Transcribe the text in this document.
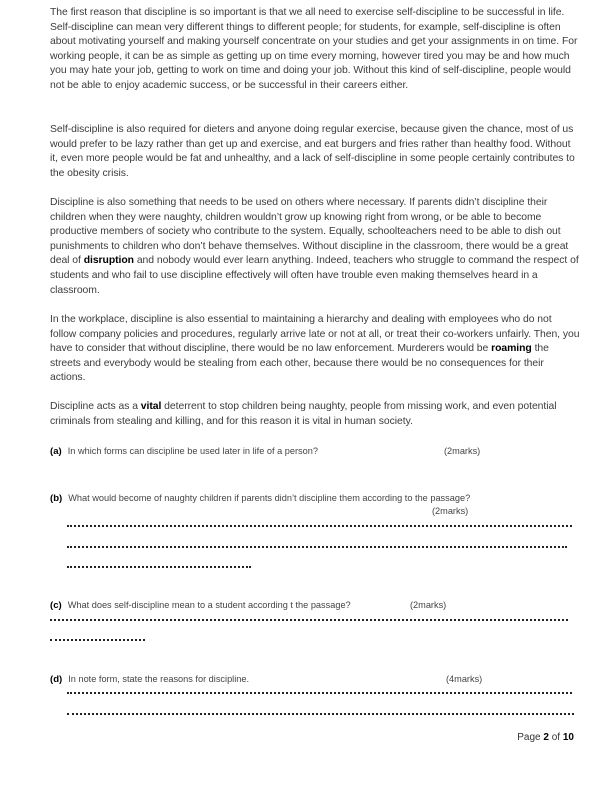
The first reason that discipline is so important is that we all need to exercise self-discipline to be successful in life. Self-discipline can mean very different things to different people; for students, for example, self-discipline is often about motivating yourself and making yourself concentrate on your studies and get your assignments in on time. For working people, it can be as simple as getting up on time every morning, however tired you may be and how much you may hate your job, getting to work on time and doing your job. Without this kind of self-discipline, people would not be able to enjoy academic success, or be successful in their careers either.

Self-discipline is also required for dieters and anyone doing regular exercise, because given the chance, most of us would prefer to be lazy rather than get up and exercise, and eat burgers and fries rather than healthy food. Without it, even more people would be fat and unhealthy, and a lack of self-discipline in some people certainly contributes to the obesity crisis.

Discipline is also something that needs to be used on others where necessary. If parents didn’t discipline their children when they were naughty, children wouldn’t grow up knowing right from wrong, or be able to become productive members of society who contribute to the system. Equally, schoolteachers need to be able to dish out punishments to children who don’t behave themselves. Without discipline in the classroom, there would be a great deal of disruption and nobody would ever learn anything. Indeed, teachers who struggle to command the respect of students and who fail to use discipline effectively will often have trouble even making themselves heard in a classroom.

In the workplace, discipline is also essential to maintaining a hierarchy and dealing with employees who do not follow company policies and procedures, regularly arrive late or not at all, or treat their co-workers unfairly. Then, you have to consider that without discipline, there would be no law enforcement. Murderers would be roaming the streets and everybody would be stealing from each other, because there would be no consequences for their actions.

Discipline acts as a vital deterrent to stop children being naughty, people from missing work, and even potential criminals from stealing and killing, and for this reason it is vital in human society.

(a) In which forms can discipline be used later in life of a person?	(2marks)
(b) What would become of naughty children if parents didn’t discipline them according to the passage?
(2marks)
(c) What does self-discipline mean to a student according t the passage?	(2marks)
(d) In note form, state the reasons for discipline.	(4marks)
Page 2 of 10
